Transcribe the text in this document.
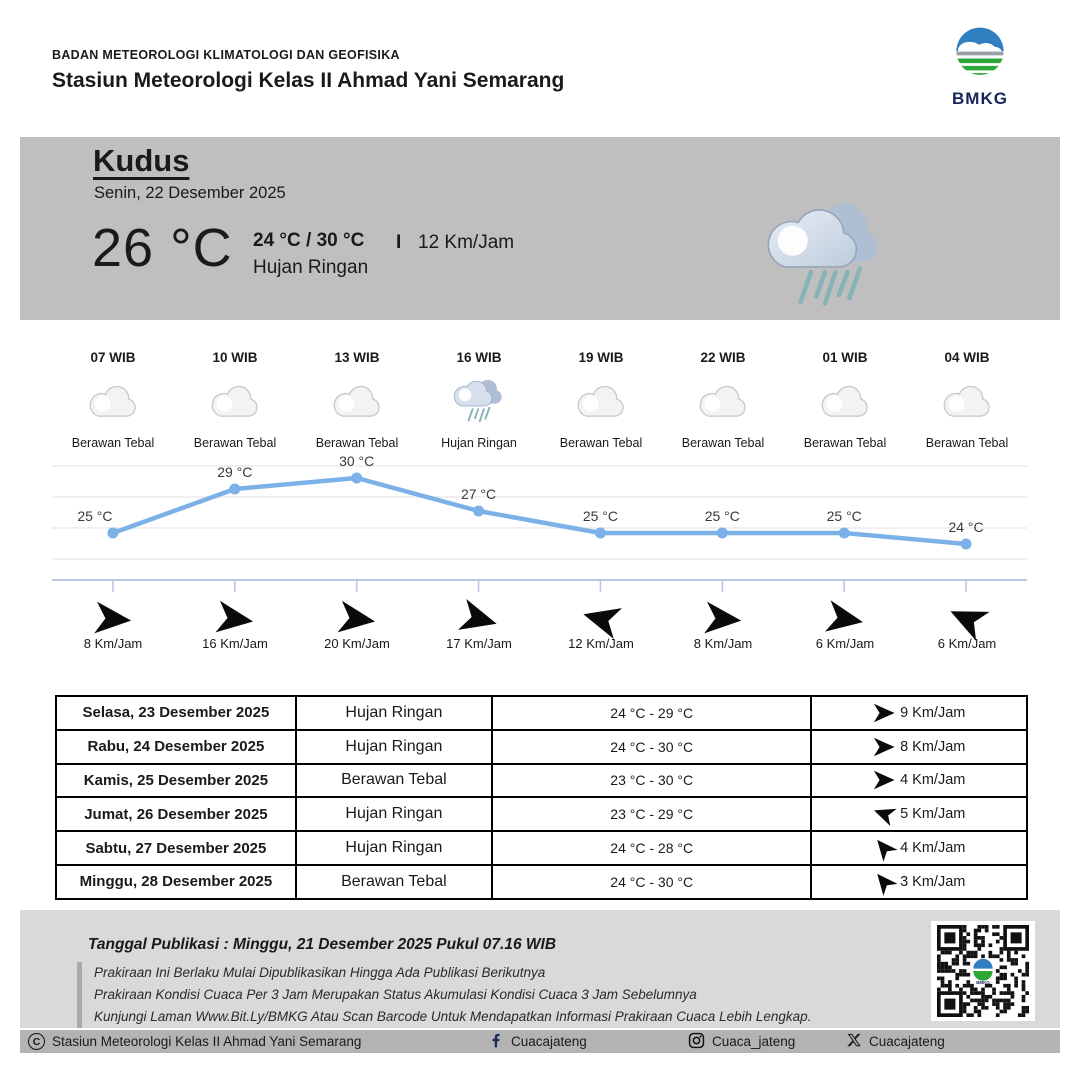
BADAN METEOROLOGI KLIMATOLOGI DAN GEOFISIKA
Stasiun Meteorologi Kelas II Ahmad Yani Semarang
BMKG
Kudus
Senin, 22 Desember 2025
26 °C 24 °C / 30 °C
Hujan Ringan
I 12 Km/Jam
07 WIB
Berawan Tebal
10 WIB
Berawan Tebal
13 WIB
Berawan Tebal
16 WIB
Hujan Ringan
19 WIB
Berawan Tebal
22 WIB
Berawan Tebal
01 WIB
Berawan Tebal
04 WIB
Berawan Tebal
25 °C
29 °C
30 °C
27 °C
25 °C	25 °C	25 °C
24 °C
8 Km/Jam	16 Km/Jam	20 Km/Jam	17 Km/Jam	12 Km/Jam	8 Km/Jam	6 Km/Jam	6 Km/Jam
Selasa, 23 Desember 2025	Hujan Ringan	24 °C - 29 °C	9 Km/Jam

Rabu, 24 Desember 2025	Hujan Ringan	24 °C - 30 °C	8 Km/Jam

Kamis, 25 Desember 2025	Berawan Tebal	23 °C - 30 °C	4 Km/Jam

Jumat, 26 Desember 2025	Hujan Ringan	23 °C - 29 °C	5 Km/Jam

Sabtu, 27 Desember 2025	Hujan Ringan	24 °C - 28 °C	4 Km/Jam

Minggu, 28 Desember 2025	Berawan Tebal	24 °C - 30 °C	3 Km/Jam
Tanggal Publikasi : Minggu, 21 Desember 2025 Pukul 07.16 WIB
Prakiraan Ini Berlaku Mulai Dipublikasikan Hingga Ada Publikasi Berikutnya
Prakiraan Kondisi Cuaca Per 3 Jam Merupakan Status Akumulasi Kondisi Cuaca 3 Jam Sebelumnya
Kunjungi Laman Www.Bit.Ly/BMKG Atau Scan Barcode Untuk Mendapatkan Informasi Prakiraan Cuaca Lebih Lengkap.
BMKG
C Stasiun Meteorologi Kelas II Ahmad Yani Semarang	Cuacajateng	Cuaca_jateng	Cuacajateng
